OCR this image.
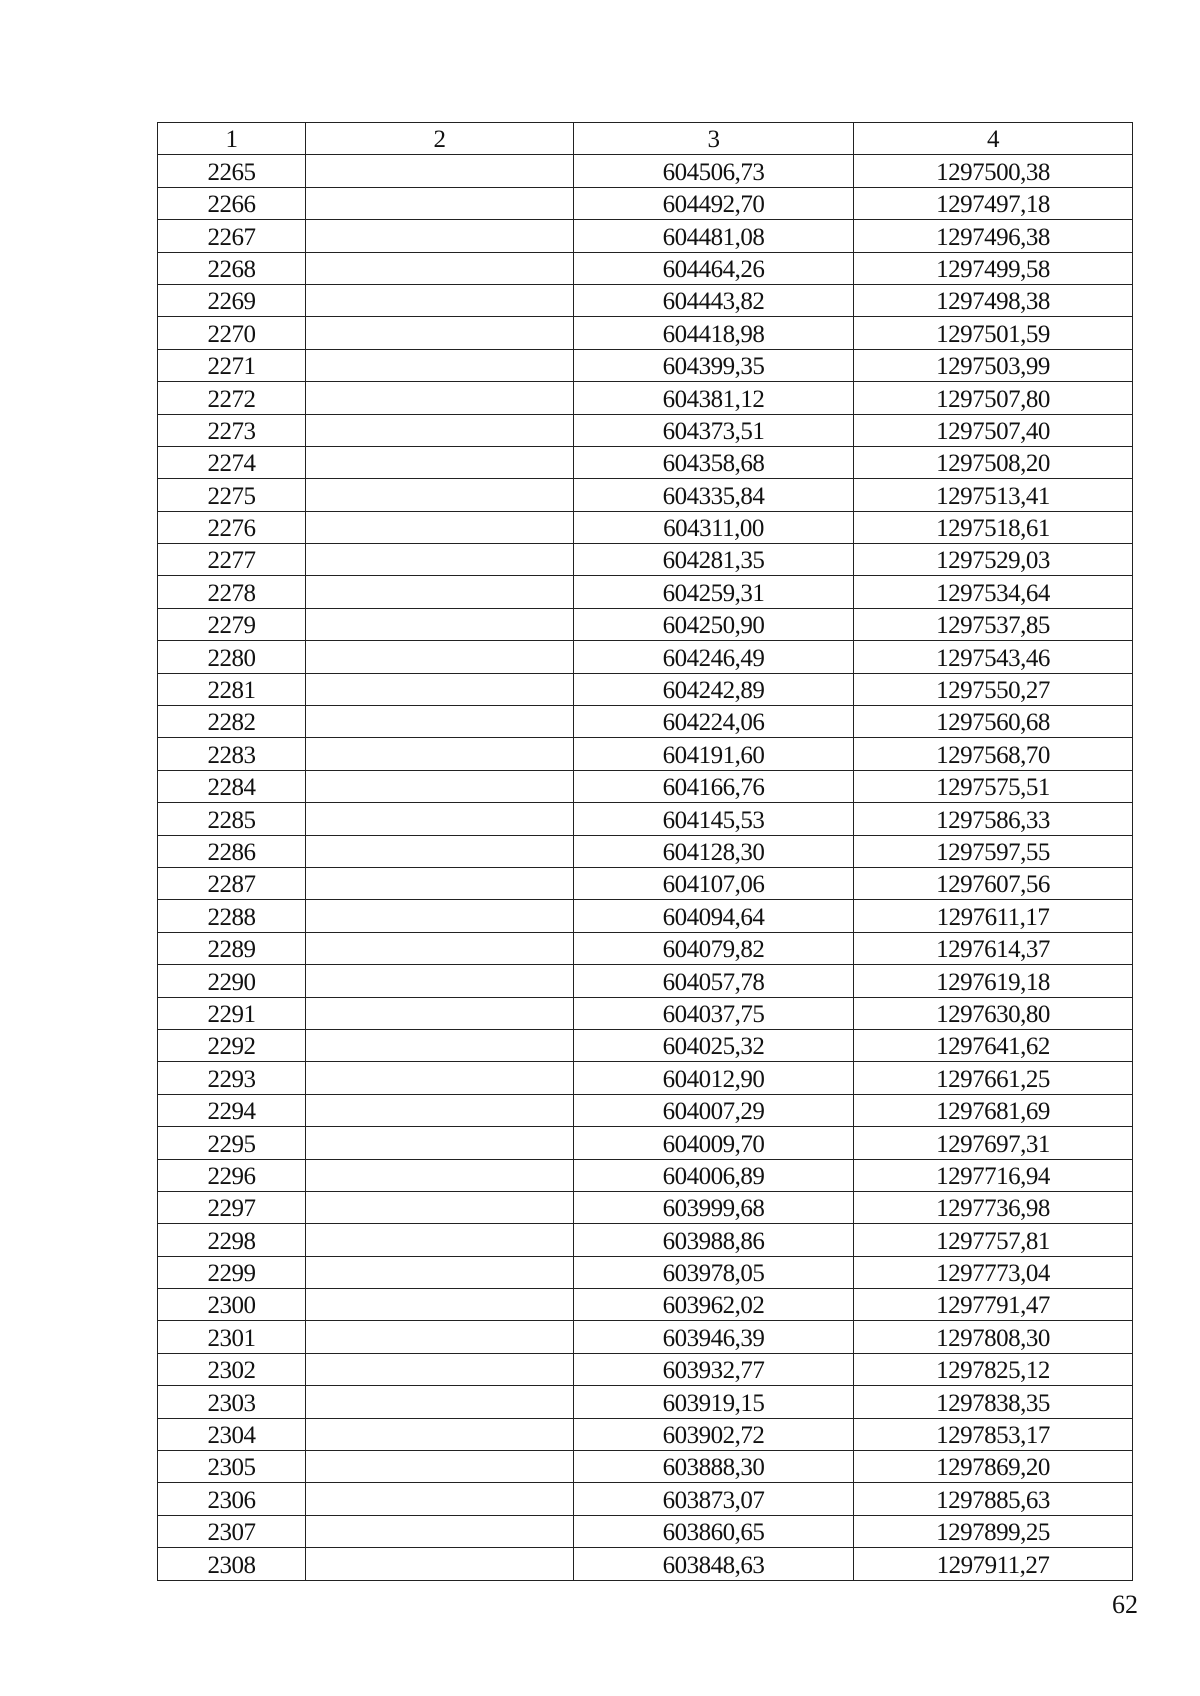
1	2	3	4
2265		604506,73	1297500,38
2266		604492,70	1297497,18
2267		604481,08	1297496,38
2268		604464,26	1297499,58
2269		604443,82	1297498,38
2270		604418,98	1297501,59
2271		604399,35	1297503,99
2272		604381,12	1297507,80
2273		604373,51	1297507,40
2274		604358,68	1297508,20
2275		604335,84	1297513,41
2276		604311,00	1297518,61
2277		604281,35	1297529,03
2278		604259,31	1297534,64
2279		604250,90	1297537,85
2280		604246,49	1297543,46
2281		604242,89	1297550,27
2282		604224,06	1297560,68
2283		604191,60	1297568,70
2284		604166,76	1297575,51
2285		604145,53	1297586,33
2286		604128,30	1297597,55
2287		604107,06	1297607,56
2288		604094,64	1297611,17
2289		604079,82	1297614,37
2290		604057,78	1297619,18
2291		604037,75	1297630,80
2292		604025,32	1297641,62
2293		604012,90	1297661,25
2294		604007,29	1297681,69
2295		604009,70	1297697,31
2296		604006,89	1297716,94
2297		603999,68	1297736,98
2298		603988,86	1297757,81
2299		603978,05	1297773,04
2300		603962,02	1297791,47
2301		603946,39	1297808,30
2302		603932,77	1297825,12
2303		603919,15	1297838,35
2304		603902,72	1297853,17
2305		603888,30	1297869,20
2306		603873,07	1297885,63
2307		603860,65	1297899,25
2308		603848,63	1297911,27
62
